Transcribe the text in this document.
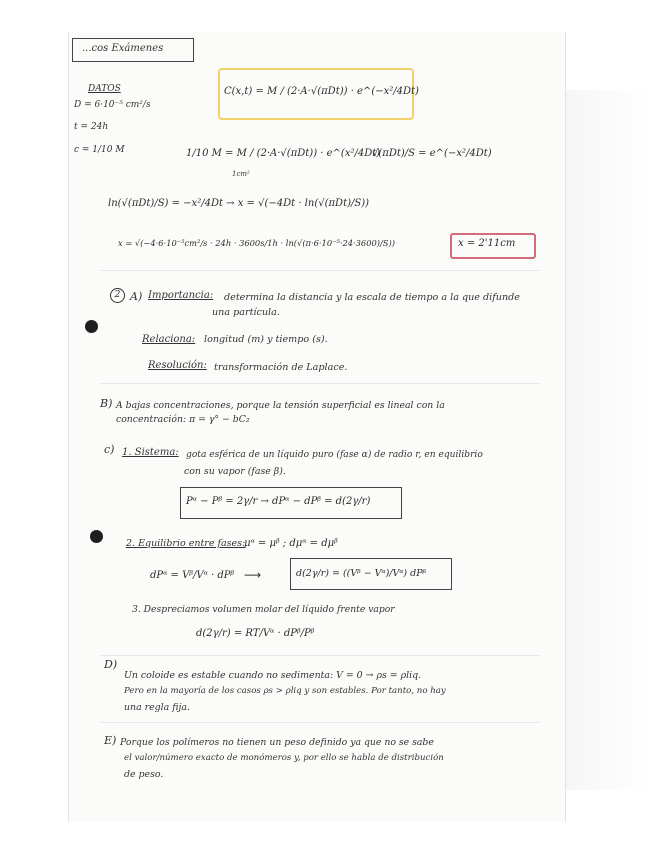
...cos Exámenes
DATOS
D = 6·10⁻⁵ cm²/s
t = 24h
c = 1/10 M
C(x,t) = M / (2·A·√(πDt)) · e^(−x²/4Dt)
1/10 M = M / (2·A·√(πDt)) · e^(x²/4Dt)
1cm²
√(πDt)/S = e^(−x²/4Dt)
ln(√(πDt)/S) = −x²/4Dt → x = √(−4Dt · ln(√(πDt)/S))
x = √(−4·6·10⁻⁵cm²/s · 24h · 3600s/1h · ln(√(π·6·10⁻⁵·24·3600)/S))	x = 2'11cm
2 A) Importancia: determina la distancia y la escala de tiempo a la que difunde
una partícula.
Relaciona: longitud (m) y tiempo (s).
Resolución: transformación de Laplace.
B) A bajas concentraciones, porque la tensión superficial es lineal con la
concentración: π = γ° − bC₂
c) 1. Sistema: gota esférica de un líquido puro (fase α) de radio r, en equilibrio
con su vapor (fase β).
Pᵅ − Pᵝ = 2γ/r → dPᵅ − dPᵝ = d(2γ/r)
2. Equilibrio entre fases:
μᵅ = μᵝ ; dμᵅ = dμᵝ
dPᵅ = Vᵝ/Vᵅ · dPᵝ ⟶	d(2γ/r) = ((Vᵝ − Vᵅ)/Vᵅ) dPᵝ
3. Despreciamos volumen molar del líquido frente vapor
d(2γ/r) = RT/Vᵅ · dPᵝ/Pᵝ
D)
Un coloide es estable cuando no sedimenta: V = 0 → ρs = ρliq.
Pero en la mayoría de los casos ρs > ρliq y son estables. Por tanto, no hay
una regla fija.
E) Porque los polímeros no tienen un peso definido ya que no se sabe
el valor/número exacto de monómeros y, por ello se habla de distribución
de peso.
